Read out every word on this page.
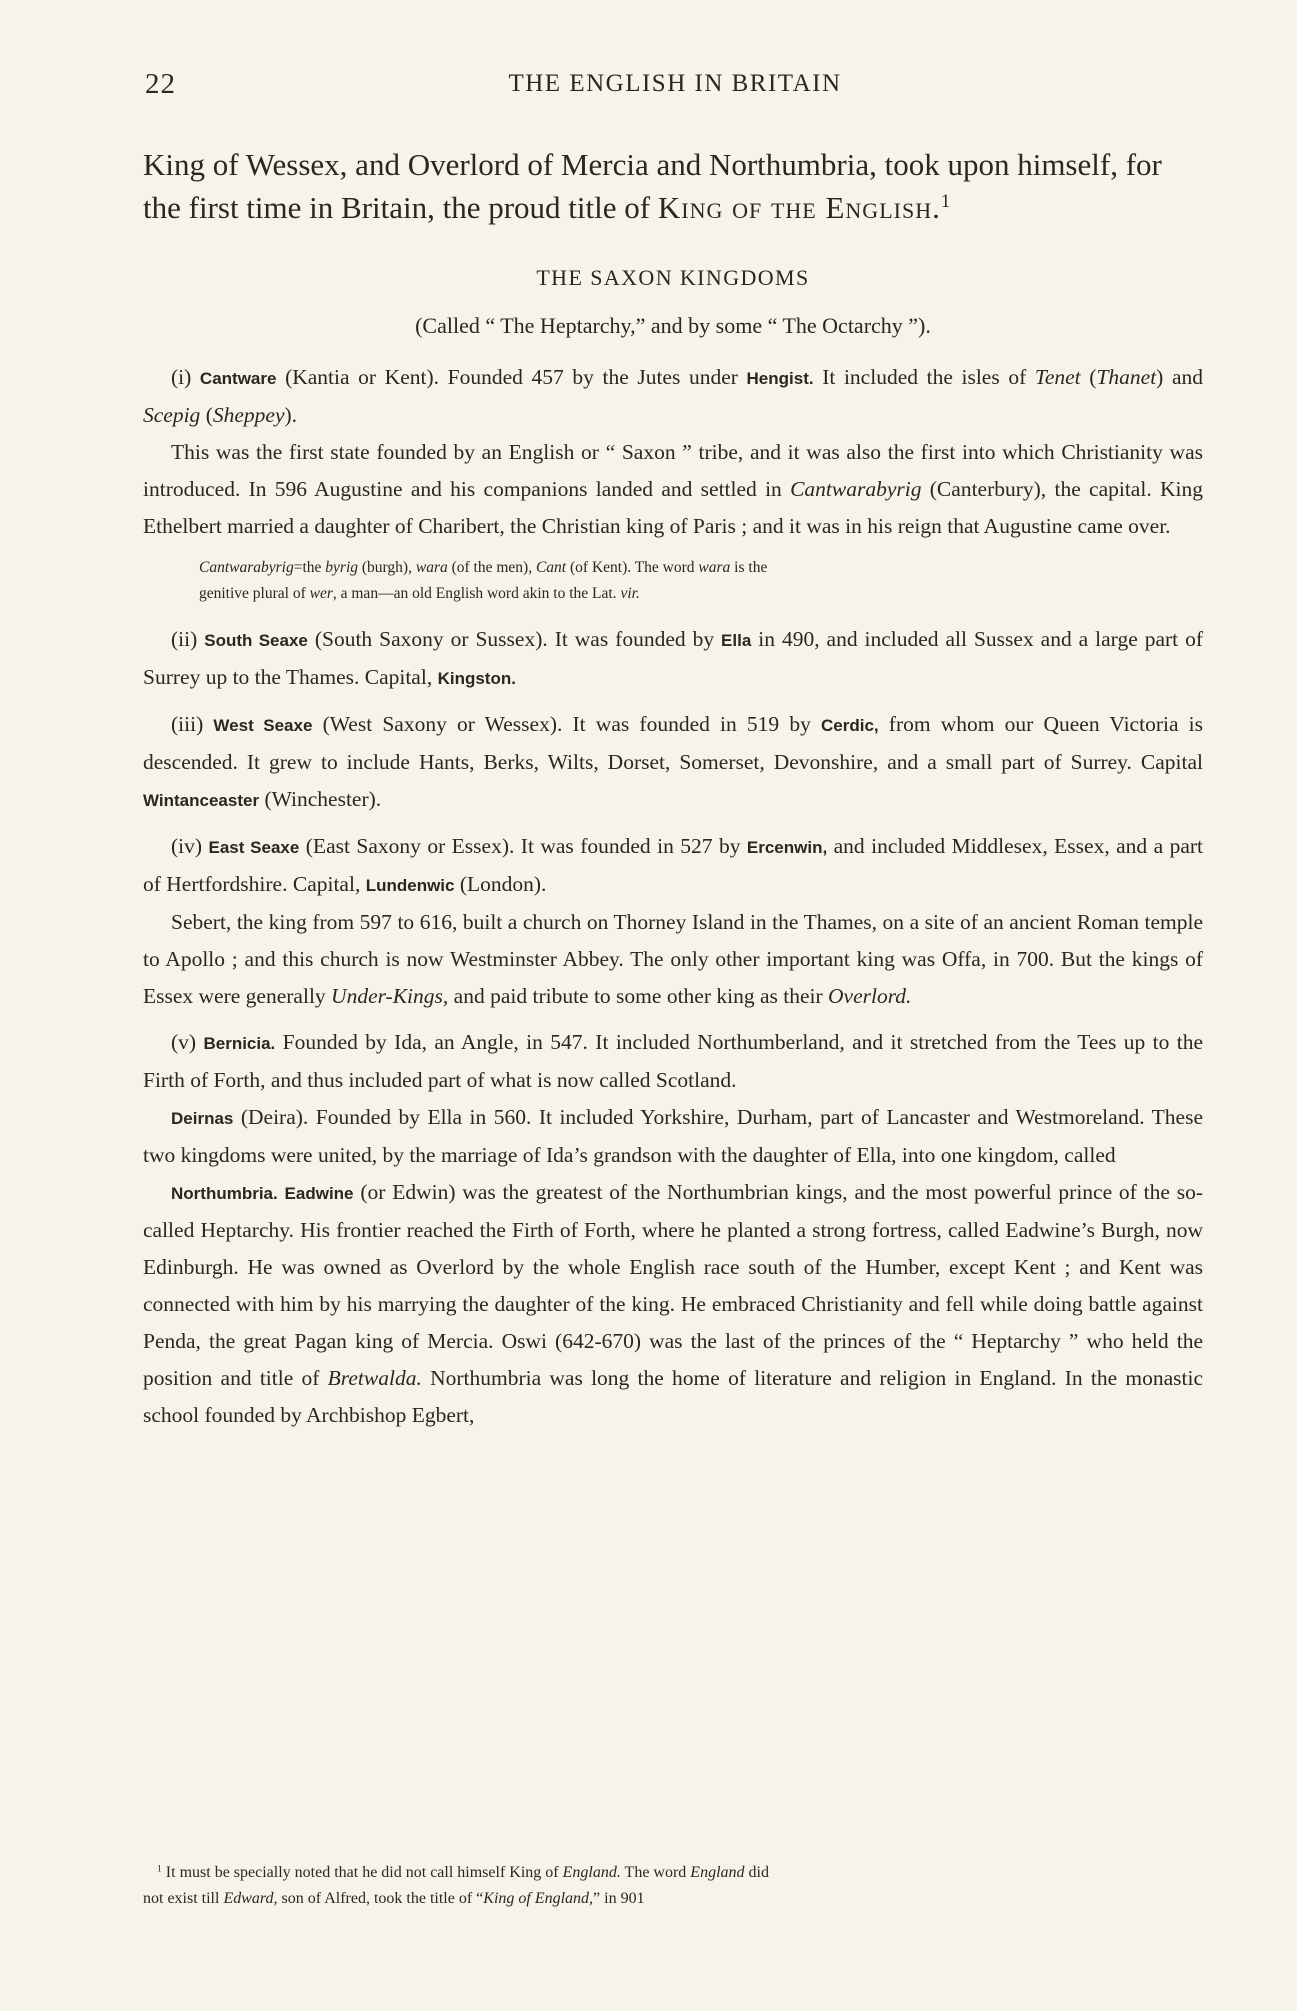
22	THE ENGLISH IN BRITAIN

King of Wessex, and Overlord of Mercia and Northumbria, took upon himself, for the first time in Britain, the proud title of King of the English.$^1$

THE SAXON KINGDOMS
(Called “ The Heptarchy,” and by some “ The Octarchy ”).

(i) Cantware (Kantia or Kent). Founded 457 by the Jutes under Hengist. It included the isles of Tenet (Thanet) and Scepig (Sheppey).

This was the first state founded by an English or “ Saxon ” tribe, and it was also the first into which Christianity was introduced. In 596 Augustine and his companions landed and settled in Cantwarabyrig (Canterbury), the capital. King Ethelbert married a daughter of Charibert, the Christian king of Paris ; and it was in his reign that Augustine came over.

Cantwarabyrig=the byrig (burgh), wara (of the men), Cant (of Kent). The word wara is the
genitive plural of wer, a man—an old English word akin to the Lat. vir.

(ii) South Seaxe (South Saxony or Sussex). It was founded by Ella in 490, and included all Sussex and a large part of Surrey up to the Thames. Capital, Kingston.

(iii) West Seaxe (West Saxony or Wessex). It was founded in 519 by Cerdic, from whom our Queen Victoria is descended. It grew to include Hants, Berks, Wilts, Dorset, Somerset, Devonshire, and a small part of Surrey. Capital Wintanceaster (Winchester).

(iv) East Seaxe (East Saxony or Essex). It was founded in 527 by Ercenwin, and included Middlesex, Essex, and a part of Hertfordshire. Capital, Lundenwic (London).

Sebert, the king from 597 to 616, built a church on Thorney Island in the Thames, on a site of an ancient Roman temple to Apollo ; and this church is now Westminster Abbey. The only other important king was Offa, in 700. But the kings of Essex were generally Under-Kings, and paid tribute to some other king as their Overlord.

(v) Bernicia. Founded by Ida, an Angle, in 547. It included Northumberland, and it stretched from the Tees up to the Firth of Forth, and thus included part of what is now called Scotland.

Deirnas (Deira). Founded by Ella in 560. It included Yorkshire, Durham, part of Lancaster and Westmoreland. These two kingdoms were united, by the marriage of Ida’s grandson with the daughter of Ella, into one kingdom, called

Northumbria. Eadwine (or Edwin) was the greatest of the Northumbrian kings, and the most powerful prince of the so-called Heptarchy. His frontier reached the Firth of Forth, where he planted a strong fortress, called Eadwine’s Burgh, now Edinburgh. He was owned as Overlord by the whole English race south of the Humber, except Kent ; and Kent was connected with him by his marrying the daughter of the king. He embraced Christianity and fell while doing battle against Penda, the great Pagan king of Mercia. Oswi (642-670) was the last of the princes of the “ Heptarchy ” who held the position and title of Bretwalda. Northumbria was long the home of literature and religion in England. In the monastic school founded by Archbishop Egbert,

$^1$ It must be specially noted that he did not call himself King of England. The word England did
not exist till Edward, son of Alfred, took the title of “King of England,” in 901
